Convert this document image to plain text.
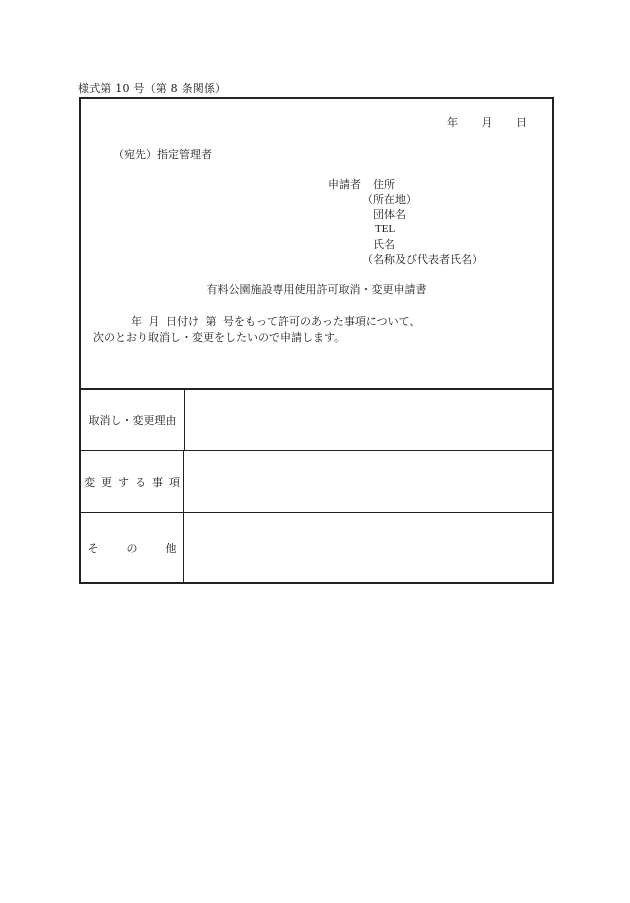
様式第 10 号（第 8 条関係）
年 月 日
（宛先）指定管理者
申請者 住所
（所在地）
団体名
TEL
氏名
（名称及び代表者氏名）
有料公園施設専用使用許可取消・変更申請書
年 月 日付け 第 号をもって許可のあった事項について、
次のとおり取消し・変更をしたいので申請します。
取消し・変更理由
変更する事項
その他
